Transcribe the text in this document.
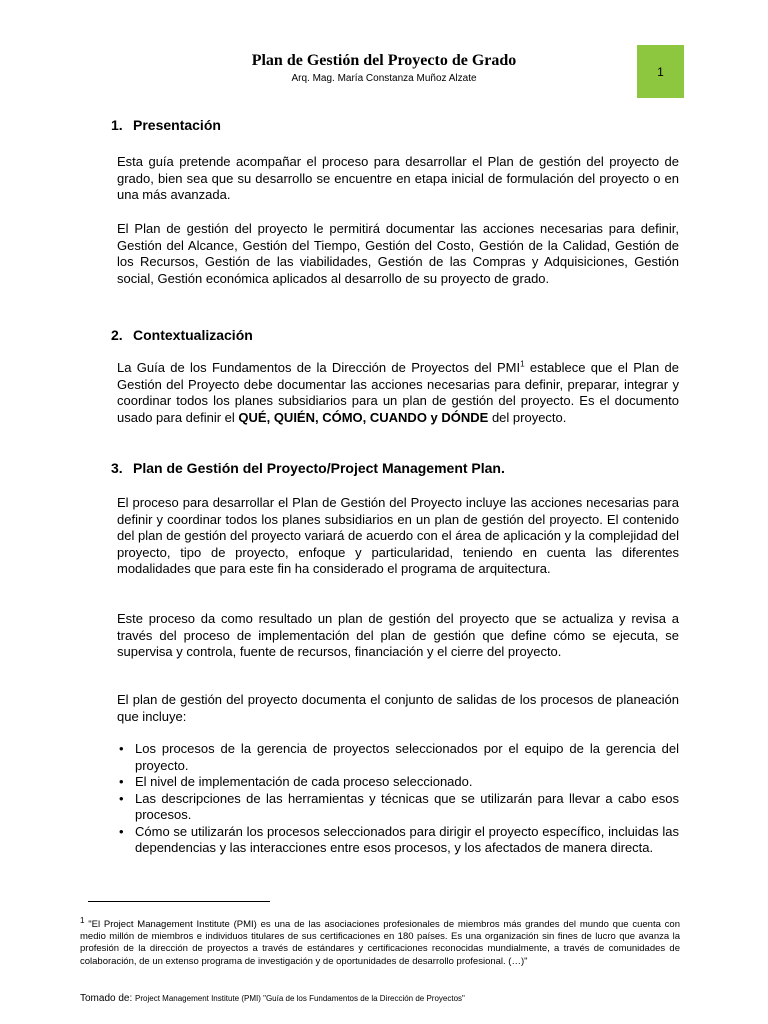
Plan de Gestión del Proyecto de Grado
Arq. Mag. María Constanza Muñoz Alzate	1
1. Presentación
Esta guía pretende acompañar el proceso para desarrollar el Plan de gestión del proyecto de grado, bien sea que su desarrollo se encuentre en etapa inicial de formulación del proyecto o en una más avanzada.
El Plan de gestión del proyecto le permitirá documentar las acciones necesarias para definir, Gestión del Alcance, Gestión del Tiempo, Gestión del Costo, Gestión de la Calidad, Gestión de los Recursos, Gestión de las viabilidades, Gestión de las Compras y Adquisiciones, Gestión social, Gestión económica aplicados al desarrollo de su proyecto de grado.
2. Contextualización
La Guía de los Fundamentos de la Dirección de Proyectos del PMI$^1$ establece que el Plan de Gestión del Proyecto debe documentar las acciones necesarias para definir, preparar, integrar y coordinar todos los planes subsidiarios para un plan de gestión del proyecto. Es el documento usado para definir el QUÉ, QUIÉN, CÓMO, CUANDO y DÓNDE del proyecto.
3. Plan de Gestión del Proyecto/Project Management Plan.
El proceso para desarrollar el Plan de Gestión del Proyecto incluye las acciones necesarias para definir y coordinar todos los planes subsidiarios en un plan de gestión del proyecto. El contenido del plan de gestión del proyecto variará de acuerdo con el área de aplicación y la complejidad del proyecto, tipo de proyecto, enfoque y particularidad, teniendo en cuenta las diferentes modalidades que para este fin ha considerado el programa de arquitectura.
Este proceso da como resultado un plan de gestión del proyecto que se actualiza y revisa a través del proceso de implementación del plan de gestión que define cómo se ejecuta, se supervisa y controla, fuente de recursos, financiación y el cierre del proyecto.
El plan de gestión del proyecto documenta el conjunto de salidas de los procesos de planeación que incluye:
• Los procesos de la gerencia de proyectos seleccionados por el equipo de la gerencia del proyecto.
• El nivel de implementación de cada proceso seleccionado.
• Las descripciones de las herramientas y técnicas que se utilizarán para llevar a cabo esos procesos.
• Cómo se utilizarán los procesos seleccionados para dirigir el proyecto específico, incluidas las dependencias y las interacciones entre esos procesos, y los afectados de manera directa.
$^1$ "El Project Management Institute (PMI) es una de las asociaciones profesionales de miembros más grandes del mundo que cuenta con medio millón de miembros e individuos titulares de sus certificaciones en 180 países. Es una organización sin fines de lucro que avanza la profesión de la dirección de proyectos a través de estándares y certificaciones reconocidas mundialmente, a través de comunidades de colaboración, de un extenso programa de investigación y de oportunidades de desarrollo profesional. (…)"
Tomado de: Project Management Institute (PMI) "Guía de los Fundamentos de la Dirección de Proyectos"
